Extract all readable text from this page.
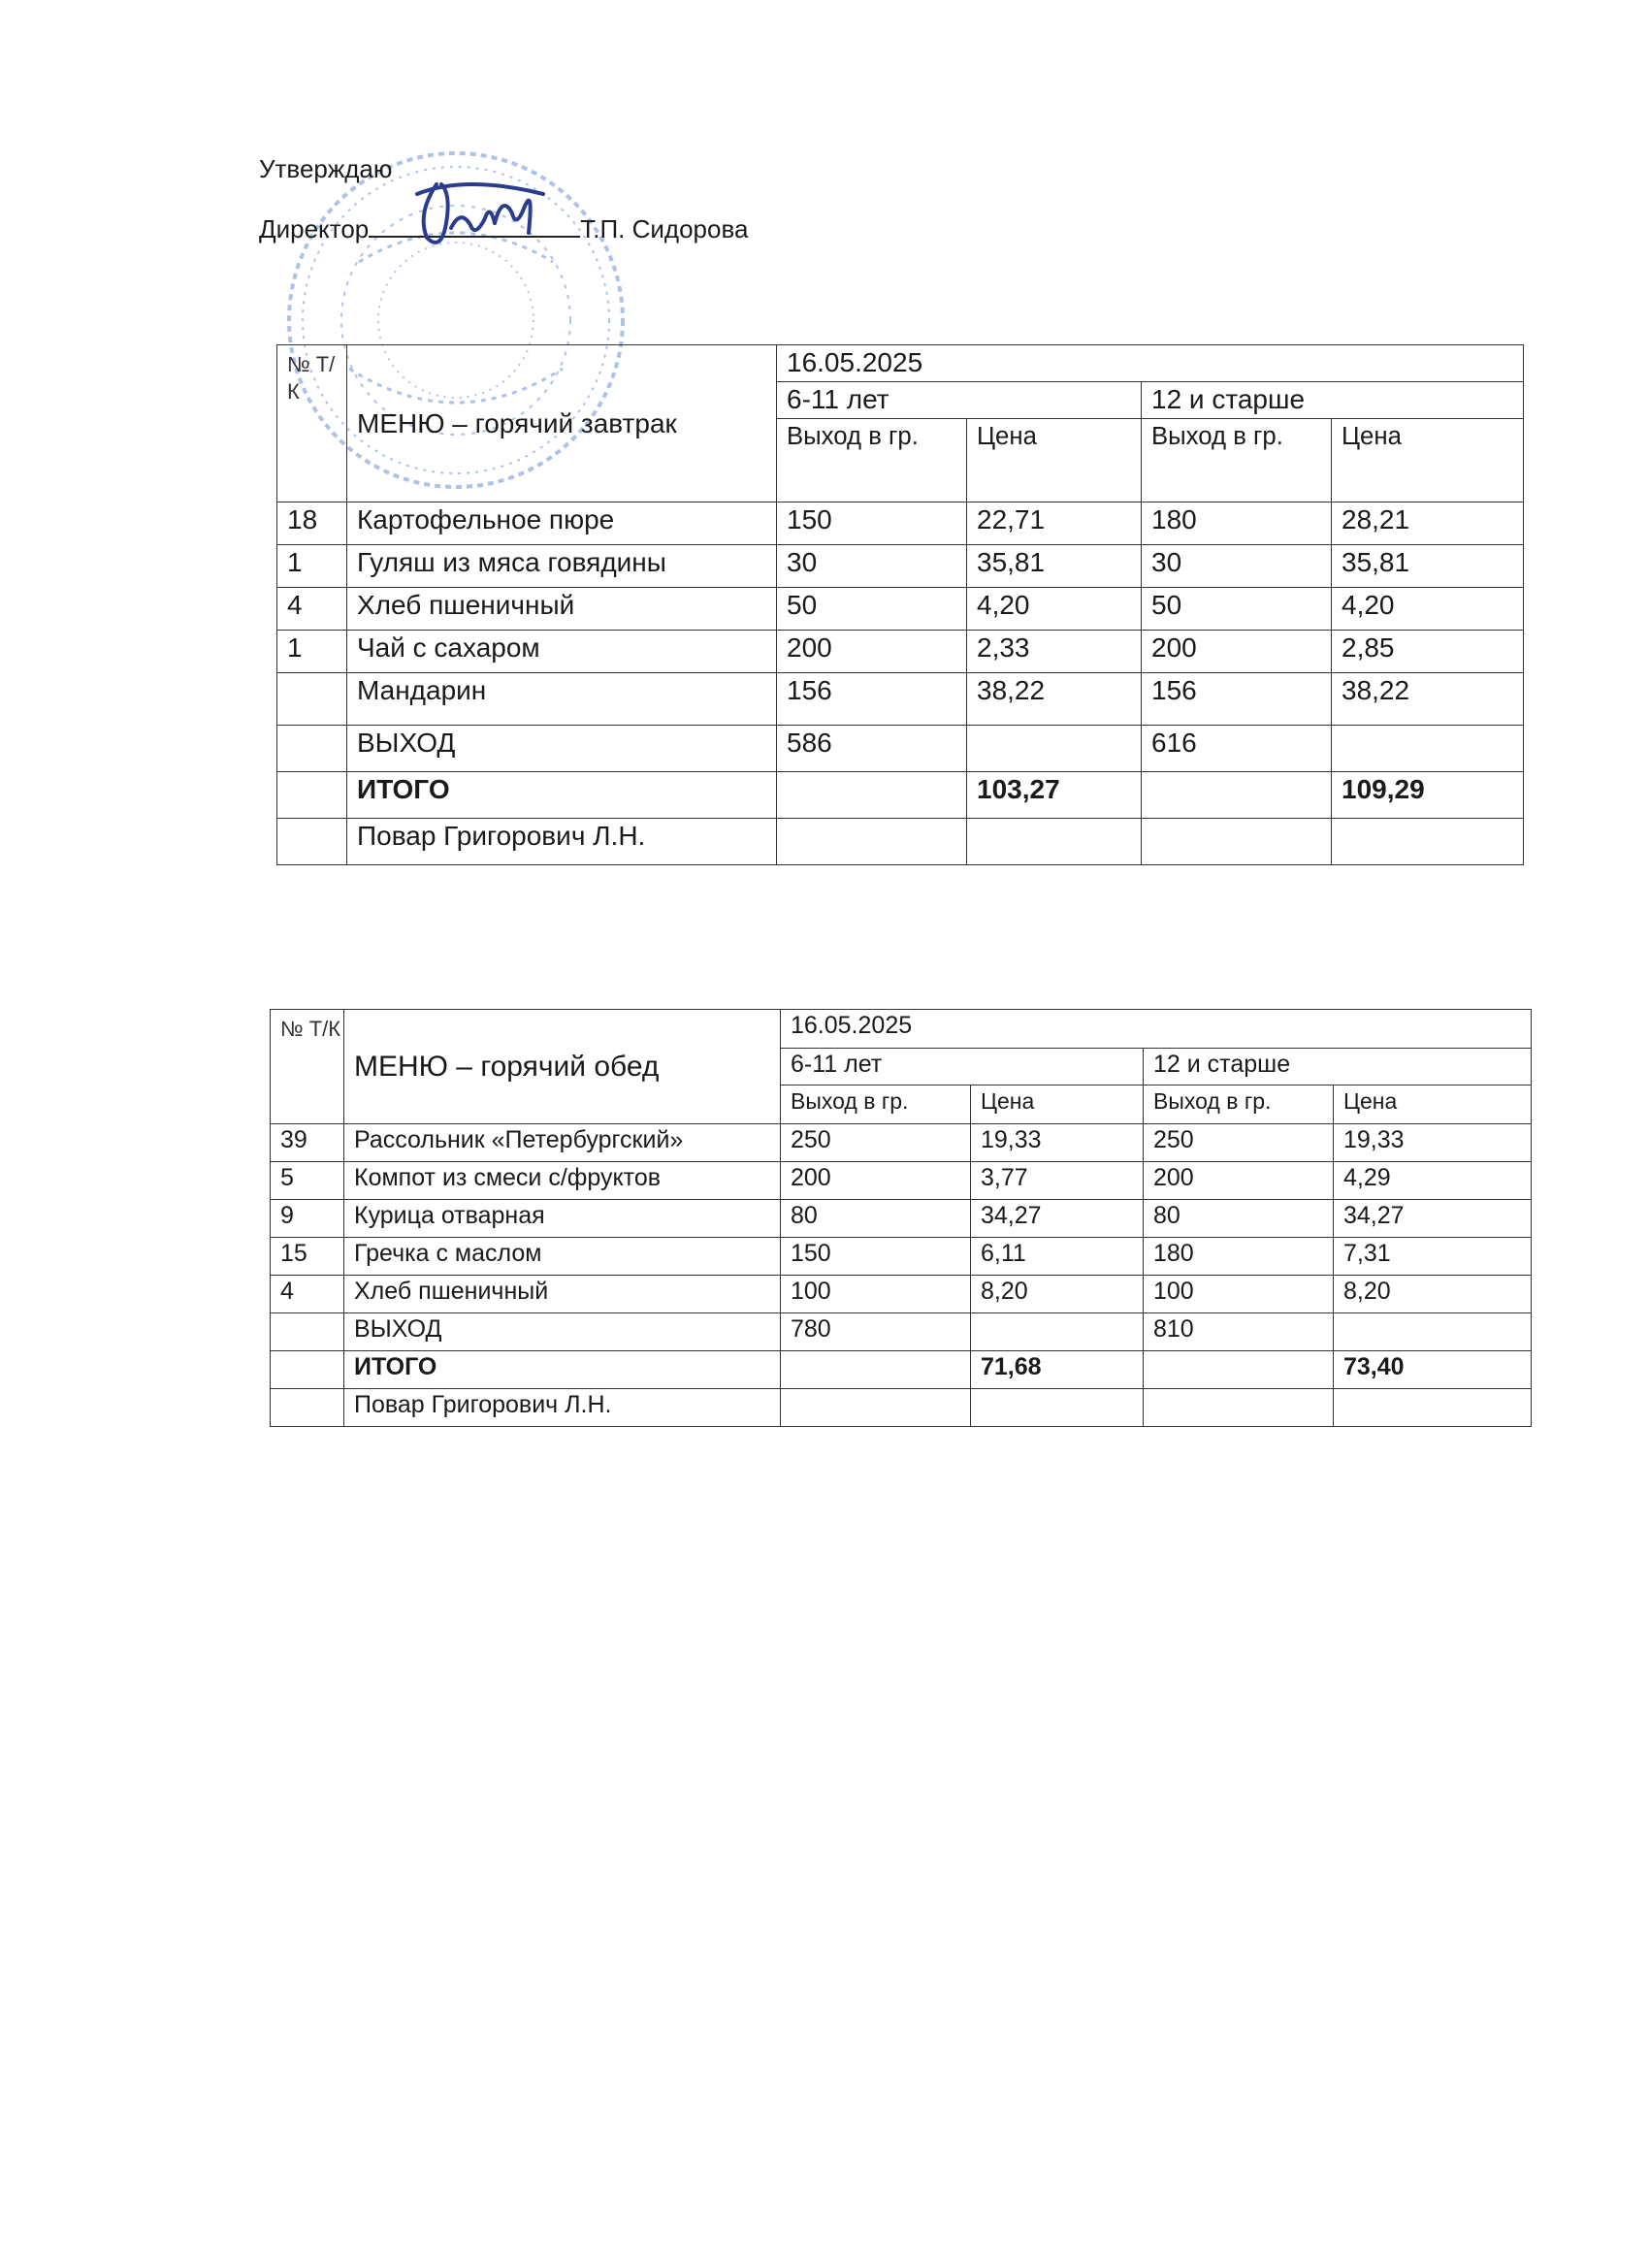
Утверждаю
Директор	Т.П. Сидорова
№ Т/К	МЕНЮ – горячий завтрак	16.05.2025			
		6-11 лет		12 и старше	
		Выход в гр.	Цена	Выход в гр.	Цена
18	Картофельное пюре	150	22,71	180	28,21
1	Гуляш из мяса говядины	30	35,81	30	35,81
4	Хлеб пшеничный	50	4,20	50	4,20
1	Чай с сахаром	200	2,33	200	2,85
	Мандарин	156	38,22	156	38,22
	ВЫХОД	586		616	
	ИТОГО		103,27		109,29
	Повар Григорович Л.Н.				
№ Т/К	МЕНЮ – горячий обед	16.05.2025			
		6-11 лет		12 и старше	
		Выход в гр.	Цена	Выход в гр.	Цена
39	Рассольник «Петербургский»	250	19,33	250	19,33
5	Компот из смеси с/фруктов	200	3,77	200	4,29
9	Курица отварная	80	34,27	80	34,27
15	Гречка с маслом	150	6,11	180	7,31
4	Хлеб пшеничный	100	8,20	100	8,20
	ВЫХОД	780		810	
	ИТОГО		71,68		73,40
	Повар Григорович Л.Н.				
